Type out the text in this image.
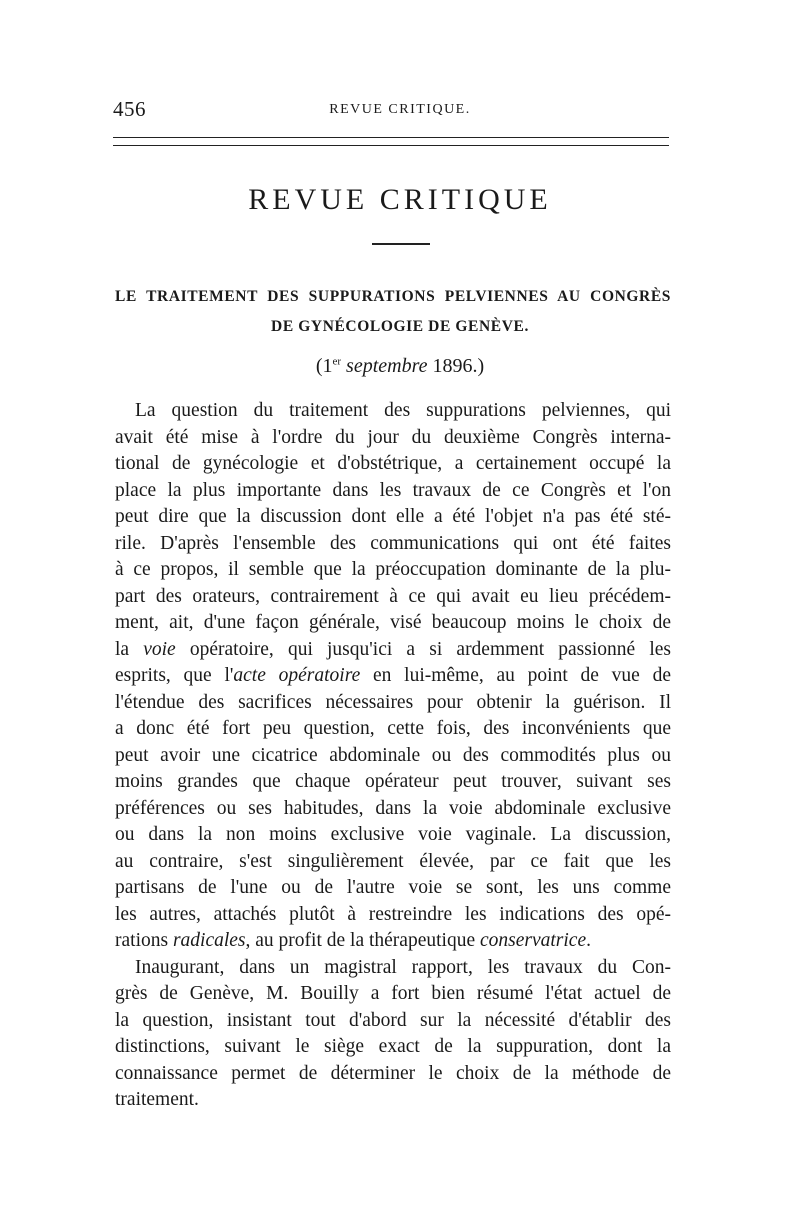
456	REVUE CRITIQUE.
REVUE CRITIQUE
LE TRAITEMENT DES SUPPURATIONS PELVIENNES AU CONGRÈS
DE GYNÉCOLOGIE DE GENÈVE.
(1er septembre 1896.)
La question du traitement des suppurations pelviennes, qui
avait été mise à l'ordre du jour du deuxième Congrès interna-
tional de gynécologie et d'obstétrique, a certainement occupé la
place la plus importante dans les travaux de ce Congrès et l'on
peut dire que la discussion dont elle a été l'objet n'a pas été sté-
rile. D'après l'ensemble des communications qui ont été faites
à ce propos, il semble que la préoccupation dominante de la plu-
part des orateurs, contrairement à ce qui avait eu lieu précédem-
ment, ait, d'une façon générale, visé beaucoup moins le choix de
la voie opératoire, qui jusqu'ici a si ardemment passionné les
esprits, que l'acte opératoire en lui-même, au point de vue de
l'étendue des sacrifices nécessaires pour obtenir la guérison. Il
a donc été fort peu question, cette fois, des inconvénients que
peut avoir une cicatrice abdominale ou des commodités plus ou
moins grandes que chaque opérateur peut trouver, suivant ses
préférences ou ses habitudes, dans la voie abdominale exclusive
ou dans la non moins exclusive voie vaginale. La discussion,
au contraire, s'est singulièrement élevée, par ce fait que les
partisans de l'une ou de l'autre voie se sont, les uns comme
les autres, attachés plutôt à restreindre les indications des opé-
rations radicales, au profit de la thérapeutique conservatrice.
Inaugurant, dans un magistral rapport, les travaux du Con-
grès de Genève, M. Bouilly a fort bien résumé l'état actuel de
la question, insistant tout d'abord sur la nécessité d'établir des
distinctions, suivant le siège exact de la suppuration, dont la
connaissance permet de déterminer le choix de la méthode de
traitement.
